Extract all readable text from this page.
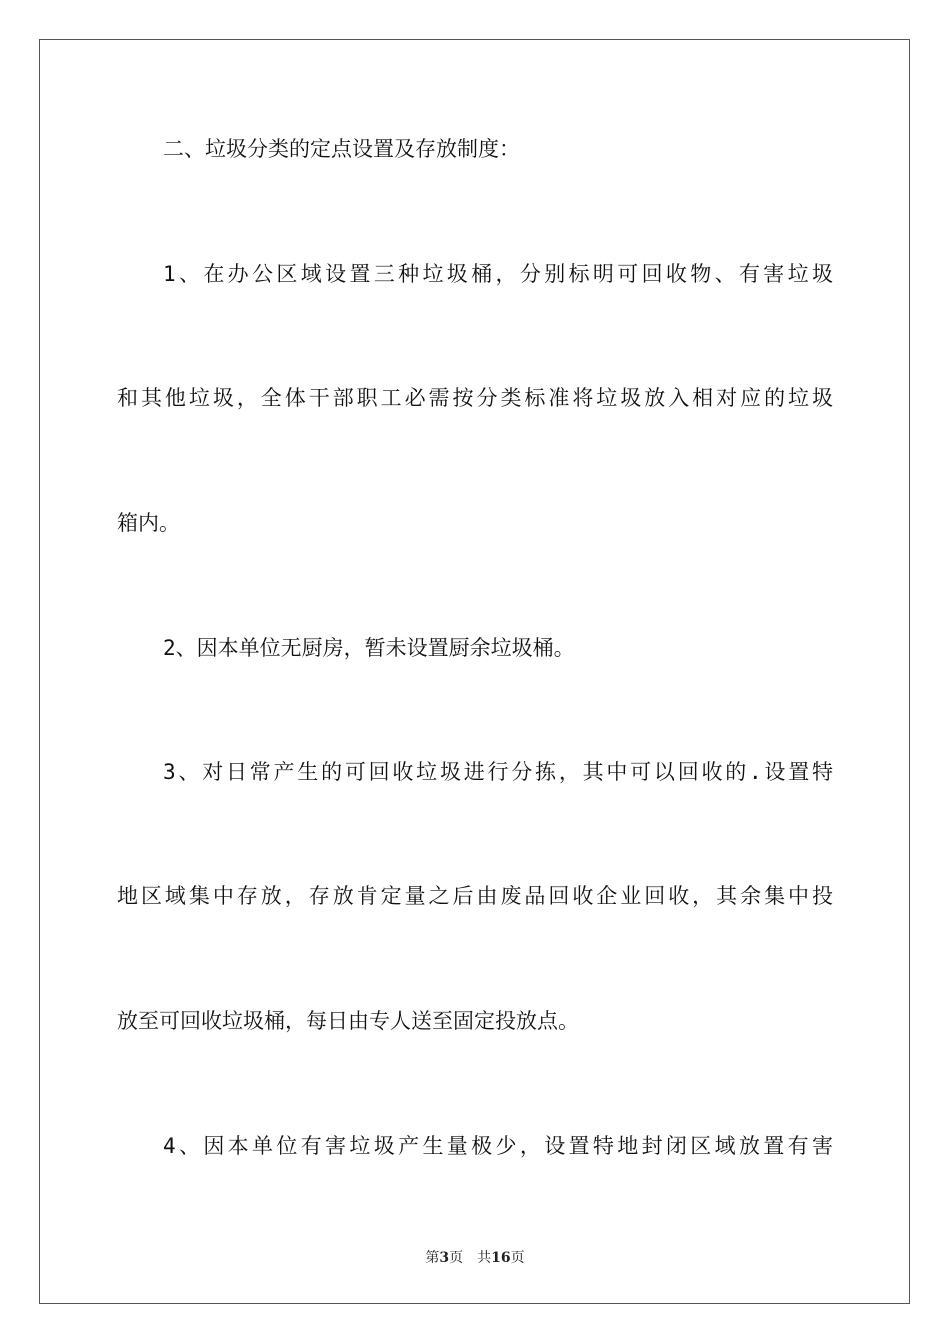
二、垃圾分类的定点设置及存放制度：
1、在办公区域设置三种垃圾桶，分别标明可回收物、有害垃圾
和其他垃圾，全体干部职工必需按分类标准将垃圾放入相对应的垃圾
箱内。
2、因本单位无厨房，暂未设置厨余垃圾桶。
3、对日常产生的可回收垃圾进行分拣，其中可以回收的.设置特
地区域集中存放，存放肯定量之后由废品回收企业回收，其余集中投
放至可回收垃圾桶，每日由专人送至固定投放点。
4、因本单位有害垃圾产生量极少，设置特地封闭区域放置有害
第3页 共16页
